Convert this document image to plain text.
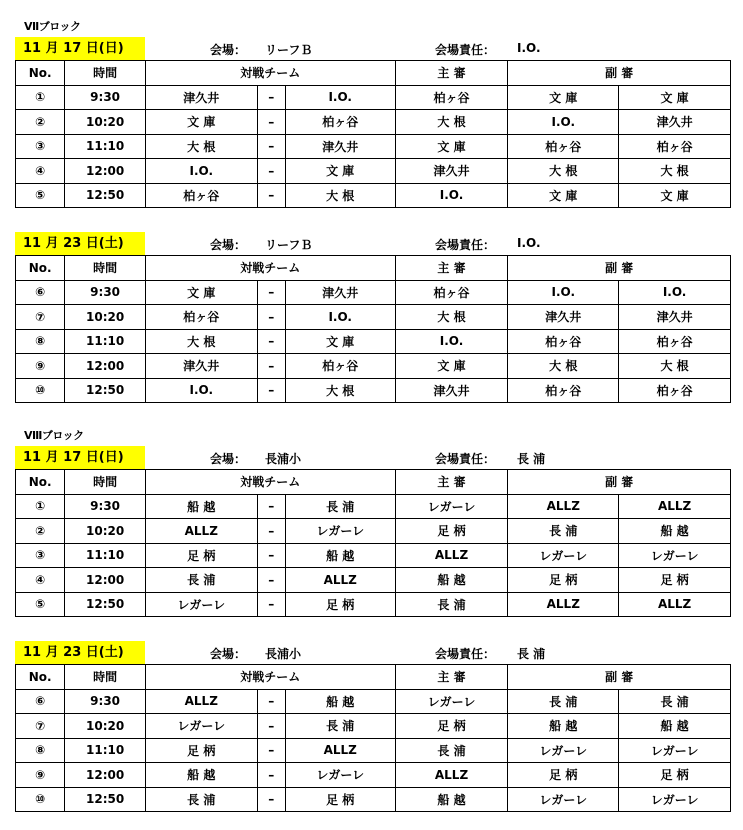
Ⅶブロック
11 月 17 日(日)	会場： リーフＢ	会場責任： I.O.
No.	時間	対戦チーム			主 審	副 審	
①	9:30	津久井	–	I.O.	柏ヶ谷	文 庫	文 庫
②	10:20	文 庫	–	柏ヶ谷	大 根	I.O.	津久井
③	11:10	大 根	–	津久井	文 庫	柏ヶ谷	柏ヶ谷
④	12:00	I.O.	–	文 庫	津久井	大 根	大 根
⑤	12:50	柏ヶ谷	–	大 根	I.O.	文 庫	文 庫
11 月 23 日(土)	会場： リーフＢ	会場責任： I.O.
No.	時間	対戦チーム			主 審	副 審	
⑥	9:30	文 庫	–	津久井	柏ヶ谷	I.O.	I.O.
⑦	10:20	柏ヶ谷	–	I.O.	大 根	津久井	津久井
⑧	11:10	大 根	–	文 庫	I.O.	柏ヶ谷	柏ヶ谷
⑨	12:00	津久井	–	柏ヶ谷	文 庫	大 根	大 根
⑩	12:50	I.O.	–	大 根	津久井	柏ヶ谷	柏ヶ谷
Ⅷブロック
11 月 17 日(日)	会場： 長浦小	会場責任： 長 浦
No.	時間	対戦チーム			主 審	副 審	
①	9:30	船 越	–	長 浦	レガーレ	ALLZ	ALLZ
②	10:20	ALLZ	–	レガーレ	足 柄	長 浦	船 越
③	11:10	足 柄	–	船 越	ALLZ	レガーレ	レガーレ
④	12:00	長 浦	–	ALLZ	船 越	足 柄	足 柄
⑤	12:50	レガーレ	–	足 柄	長 浦	ALLZ	ALLZ
11 月 23 日(土)	会場： 長浦小	会場責任： 長 浦
No.	時間	対戦チーム			主 審	副 審	
⑥	9:30	ALLZ	–	船 越	レガーレ	長 浦	長 浦
⑦	10:20	レガーレ	–	長 浦	足 柄	船 越	船 越
⑧	11:10	足 柄	–	ALLZ	長 浦	レガーレ	レガーレ
⑨	12:00	船 越	–	レガーレ	ALLZ	足 柄	足 柄
⑩	12:50	長 浦	–	足 柄	船 越	レガーレ	レガーレ
